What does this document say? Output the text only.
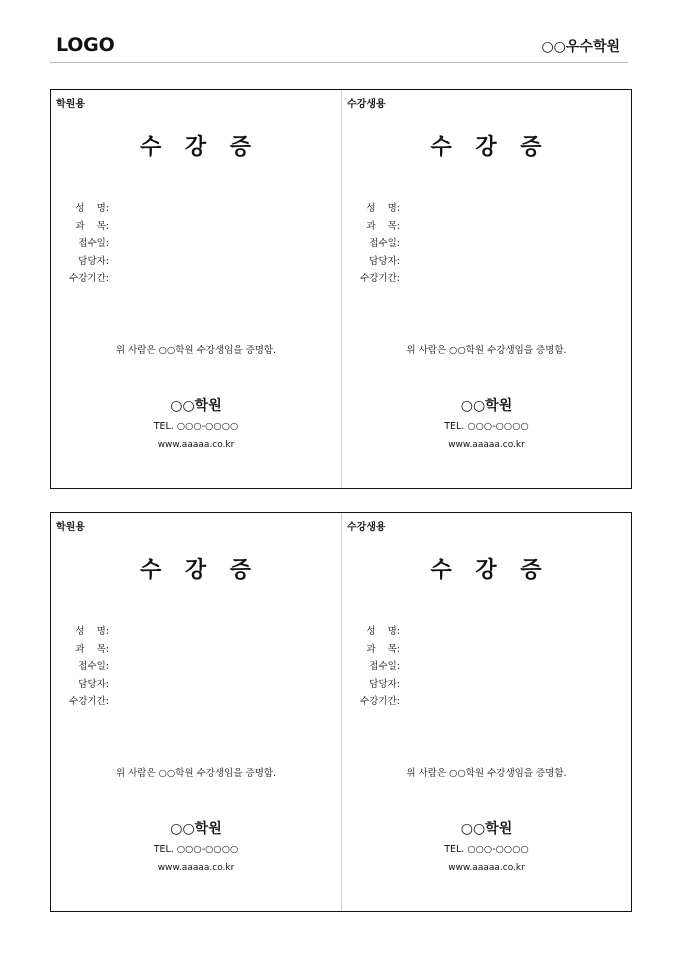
LOGO	○○우수학원
학원용
수 강 증
성    명:
과    목:
접수일:
담당자:
수강기간:
위 사람은 ○○학원 수강생임을 증명함.
○○학원
TEL. ○○○-○○○○
www.aaaaa.co.kr
수강생용
수 강 증
성    명:
과    목:
접수일:
담당자:
수강기간:
위 사람은 ○○학원 수강생임을 증명함.
○○학원
TEL. ○○○-○○○○
www.aaaaa.co.kr
학원용
수 강 증
성    명:
과    목:
접수일:
담당자:
수강기간:
위 사람은 ○○학원 수강생임을 증명함.
○○학원
TEL. ○○○-○○○○
www.aaaaa.co.kr
수강생용
수 강 증
성    명:
과    목:
접수일:
담당자:
수강기간:
위 사람은 ○○학원 수강생임을 증명함.
○○학원
TEL. ○○○-○○○○
www.aaaaa.co.kr
